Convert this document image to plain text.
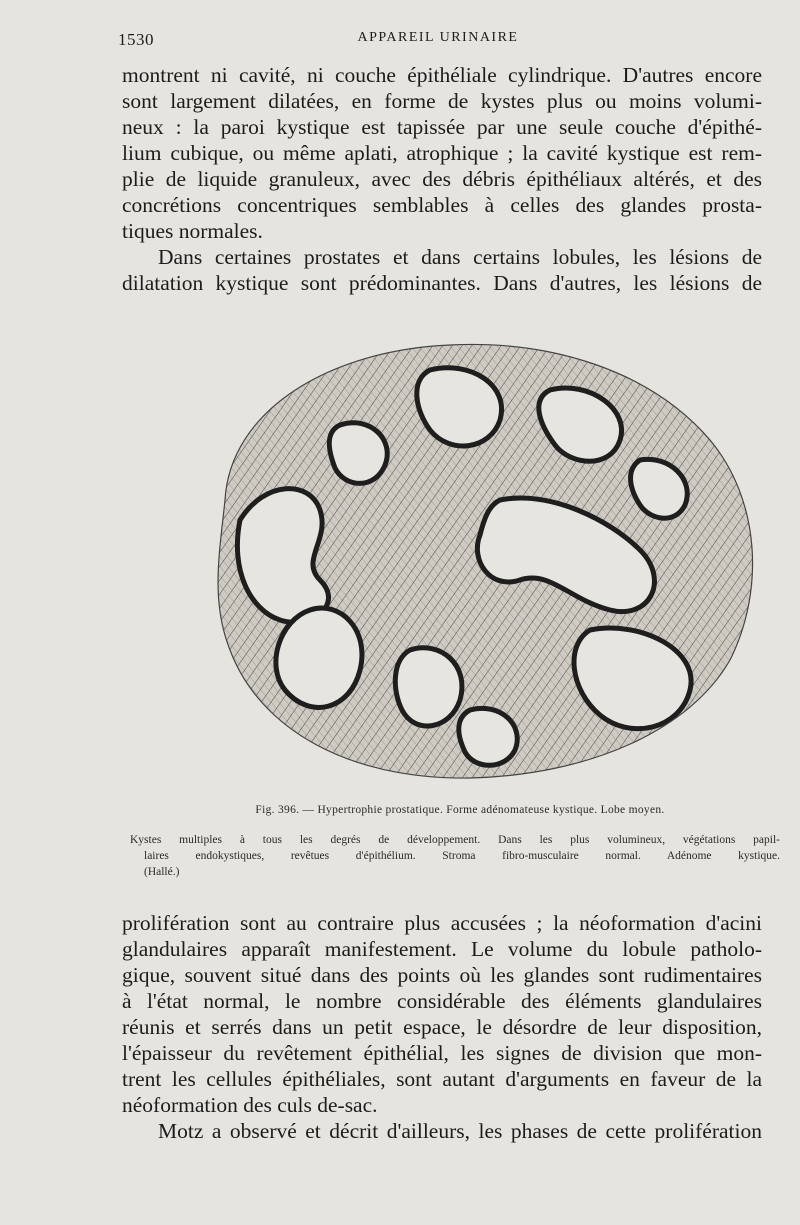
1530	APPAREIL URINAIRE
montrent ni cavité, ni couche épithéliale cylindrique. D'autres encore
sont largement dilatées, en forme de kystes plus ou moins volumi-
neux : la paroi kystique est tapissée par une seule couche d'épithé-
lium cubique, ou même aplati, atrophique ; la cavité kystique est rem-
plie de liquide granuleux, avec des débris épithéliaux altérés, et des
concrétions concentriques semblables à celles des glandes prosta-
tiques normales.
Dans certaines prostates et dans certains lobules, les lésions de
dilatation kystique sont prédominantes. Dans d'autres, les lésions de
Fig. 396. — Hypertrophie prostatique. Forme adénomateuse kystique. Lobe moyen.
Kystes multiples à tous les degrés de développement. Dans les plus volumineux, végétations papil-
laires endokystiques, revêtues d'épithélium. Stroma fibro-musculaire normal. Adénome kystique.
(Hallé.)
prolifération sont au contraire plus accusées ; la néoformation d'acini
glandulaires apparaît manifestement. Le volume du lobule patholo-
gique, souvent situé dans des points où les glandes sont rudimentaires
à l'état normal, le nombre considérable des éléments glandulaires
réunis et serrés dans un petit espace, le désordre de leur disposition,
l'épaisseur du revêtement épithélial, les signes de division que mon-
trent les cellules épithéliales, sont autant d'arguments en faveur de la
néoformation des culs de-sac.
Motz a observé et décrit d'ailleurs, les phases de cette prolifération
